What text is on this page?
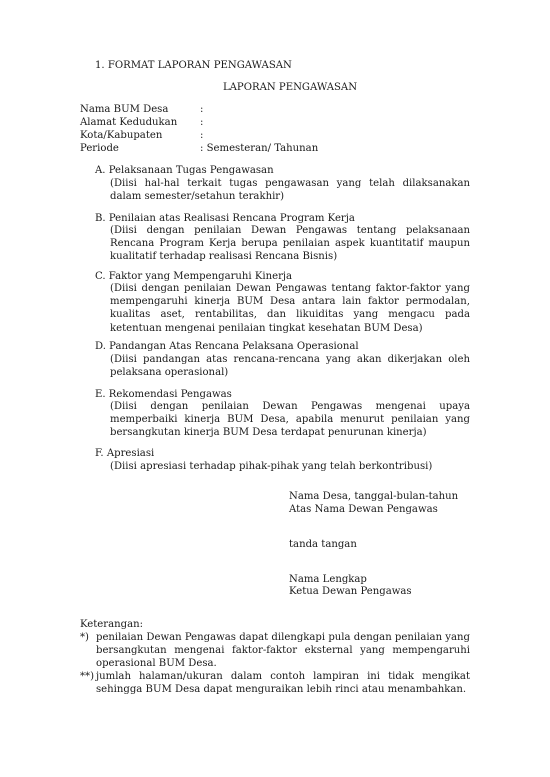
1. FORMAT LAPORAN PENGAWASAN
LAPORAN PENGAWASAN
Nama BUM Desa	:
Alamat Kedudukan :
Kota/Kabupaten	:
Periode	: Semesteran/ Tahunan
A. Pelaksanaan Tugas Pengawasan
(Diisi hal-hal terkait tugas pengawasan yang telah dilaksanakan dalam semester/setahun terakhir)
B. Penilaian atas Realisasi Rencana Program Kerja
(Diisi dengan penilaian Dewan Pengawas tentang pelaksanaan Rencana Program Kerja berupa penilaian aspek kuantitatif maupun kualitatif terhadap realisasi Rencana Bisnis)
C. Faktor yang Mempengaruhi Kinerja
(Diisi dengan penilaian Dewan Pengawas tentang faktor-faktor yang mempengaruhi kinerja BUM Desa antara lain faktor permodalan, kualitas aset, rentabilitas, dan likuiditas yang mengacu pada ketentuan mengenai penilaian tingkat kesehatan BUM Desa)
D. Pandangan Atas Rencana Pelaksana Operasional
(Diisi pandangan atas rencana-rencana yang akan dikerjakan oleh pelaksana operasional)
E. Rekomendasi Pengawas
(Diisi dengan penilaian Dewan Pengawas mengenai upaya memperbaiki kinerja BUM Desa, apabila menurut penilaian yang bersangkutan kinerja BUM Desa terdapat penurunan kinerja)
F. Apresiasi
(Diisi apresiasi terhadap pihak-pihak yang telah berkontribusi)
Nama Desa, tanggal-bulan-tahun
Atas Nama Dewan Pengawas
tanda tangan
Nama Lengkap
Ketua Dewan Pengawas
Keterangan:
*) penilaian Dewan Pengawas dapat dilengkapi pula dengan penilaian yang bersangkutan mengenai faktor-faktor eksternal yang mempengaruhi operasional BUM Desa.
**) jumlah halaman/ukuran dalam contoh lampiran ini tidak mengikat sehingga BUM Desa dapat menguraikan lebih rinci atau menambahkan.
